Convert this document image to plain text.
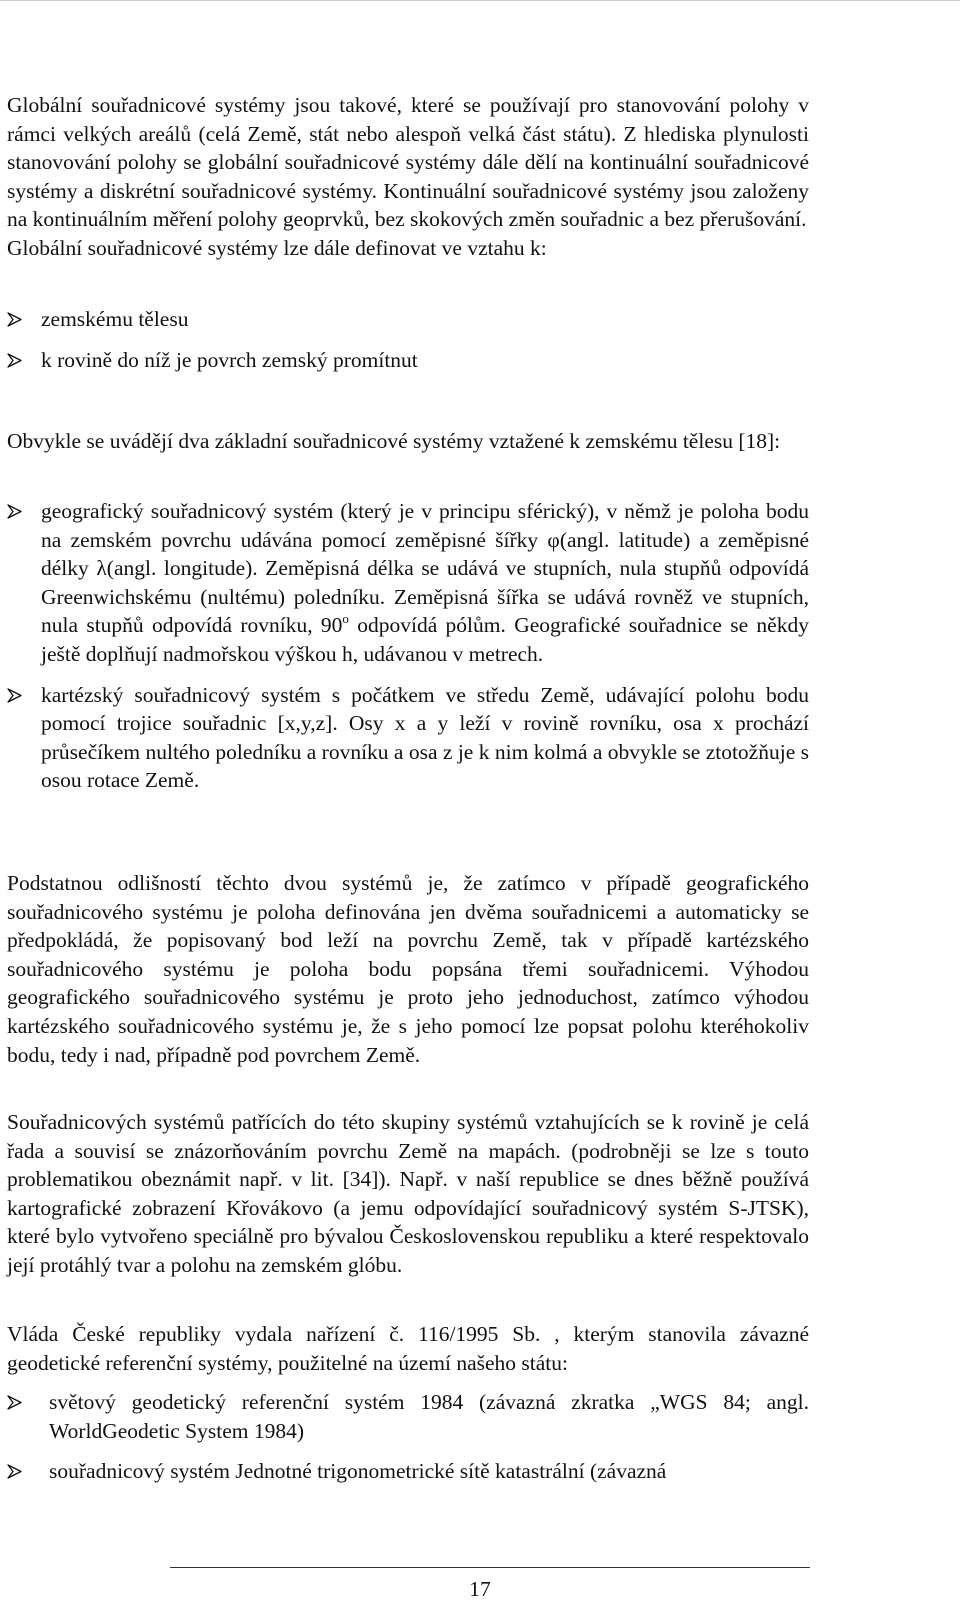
Globální souřadnicové systémy jsou takové, které se používají pro stanovování polohy v rámci velkých areálů (celá Země, stát nebo alespoň velká část státu). Z hlediska plynulosti stanovování polohy se globální souřadnicové systémy dále dělí na kontinuální souřadnicové systémy a diskrétní souřadnicové systémy. Kontinuální souřadnicové systémy jsou založeny na kontinuálním měření polohy geoprvků, bez skokových změn souřadnic a bez přerušování.

Globální souřadnicové systémy lze dále definovat ve vztahu k:

zemskému tělesu
k rovině do níž je povrch zemský promítnut

Obvykle se uvádějí dva základní souřadnicové systémy vztažené k zemskému tělesu [18]:

geografický souřadnicový systém (který je v principu sférický), v němž je poloha bodu na zemském povrchu udávána pomocí zeměpisné šířky φ(angl. latitude) a zeměpisné délky λ(angl. longitude). Zeměpisná délka se udává ve stupních, nula stupňů odpovídá Greenwichskému (nultému) poledníku. Zeměpisná šířka se udává rovněž ve stupních, nula stupňů odpovídá rovníku, 90$^o$ odpovídá pólům. Geografické souřadnice se někdy ještě doplňují nadmořskou výškou h, udávanou v metrech.
kartézský souřadnicový systém s počátkem ve středu Země, udávající polohu bodu pomocí trojice souřadnic [x,y,z]. Osy x a y leží v rovině rovníku, osa x prochází průsečíkem nultého poledníku a rovníku a osa z je k nim kolmá a obvykle se ztotožňuje s osou rotace Země.

Podstatnou odlišností těchto dvou systémů je, že zatímco v případě geografického souřadnicového systému je poloha definována jen dvěma souřadnicemi a automaticky se předpokládá, že popisovaný bod leží na povrchu Země, tak v případě kartézského souřadnicového systému je poloha bodu popsána třemi souřadnicemi. Výhodou geografického souřadnicového systému je proto jeho jednoduchost, zatímco výhodou kartézského souřadnicového systému je, že s jeho pomocí lze popsat polohu kteréhokoliv bodu, tedy i nad, případně pod povrchem Země.

Souřadnicových systémů patřících do této skupiny systémů vztahujících se k rovině je celá řada a souvisí se znázorňováním povrchu Země na mapách. (podrobněji se lze s touto problematikou obeznámit např. v lit. [34]). Např. v naší republice se dnes běžně používá kartografické zobrazení Křovákovo (a jemu odpovídající souřadnicový systém S-JTSK), které bylo vytvořeno speciálně pro bývalou Československou republiku a které respektovalo její protáhlý tvar a polohu na zemském glóbu.

Vláda České republiky vydala nařízení č. 116/1995 Sb. , kterým stanovila závazné geodetické referenční systémy, použitelné na území našeho státu:

světový geodetický referenční systém 1984 (závazná zkratka „WGS 84; angl. WorldGeodetic System 1984)
souřadnicový systém Jednotné trigonometrické sítě katastrální (závazná
17
